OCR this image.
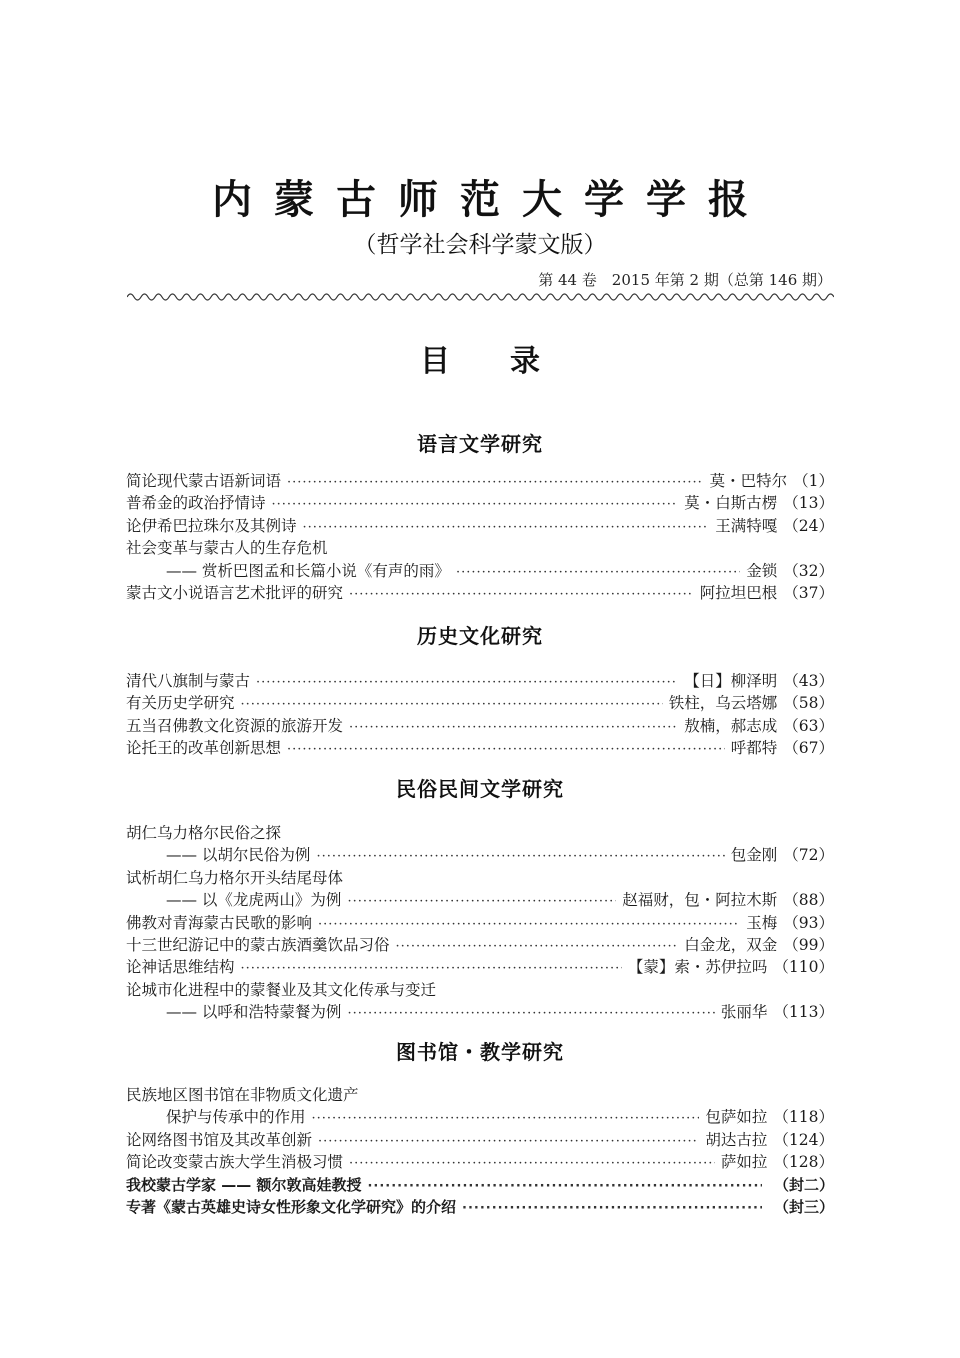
内蒙古师范大学学报
（哲学社会科学蒙文版）
第 44 卷　2015 年第 2 期（总第 146 期）
目录
语言文学研究
简论现代蒙古语新词语 ·····	莫・巴特尔 （1）
普希金的政治抒情诗 ·····	莫・白斯古楞 （13）
论伊希巴拉珠尔及其例诗 ·····	王满特嘎 （24）
社会变革与蒙古人的生存危机
—— 赏析巴图孟和长篇小说《有声的雨》 ·····	金锁 （32）
蒙古文小说语言艺术批评的研究 ·····	阿拉坦巴根 （37）
历史文化研究
清代八旗制与蒙古 ·····	【日】柳泽明 （43）
有关历史学研究 ·····	铁柱，乌云塔娜 （58）
五当召佛教文化资源的旅游开发 ·····	敖楠，郝志成 （63）
论托王的改革创新思想 ·····	呼都特 （67）
民俗民间文学研究
胡仁乌力格尔民俗之探
—— 以胡尔民俗为例 ·····	包金刚 （72）
试析胡仁乌力格尔开头结尾母体
—— 以《龙虎两山》为例 ·····	赵福财，包・阿拉木斯 （88）
佛教对青海蒙古民歌的影响 ·····	玉梅 （93）
十三世纪游记中的蒙古族酒羹饮品习俗 ·····	白金龙，双金 （99）
论神话思维结构 ·····	【蒙】索・苏伊拉吗 （110）
论城市化进程中的蒙餐业及其文化传承与变迁
—— 以呼和浩特蒙餐为例 ·····	张丽华 （113）
图书馆・教学研究
民族地区图书馆在非物质文化遗产
保护与传承中的作用 ·····	包萨如拉 （118）
论网络图书馆及其改革创新 ·····	胡达古拉 （124）
简论改变蒙古族大学生消极习惯 ·····	萨如拉 （128）
我校蒙古学家 —— 额尔敦高娃教授 ·····	（封二）
专著《蒙古英雄史诗女性形象文化学研究》的介绍 ·····	（封三）
